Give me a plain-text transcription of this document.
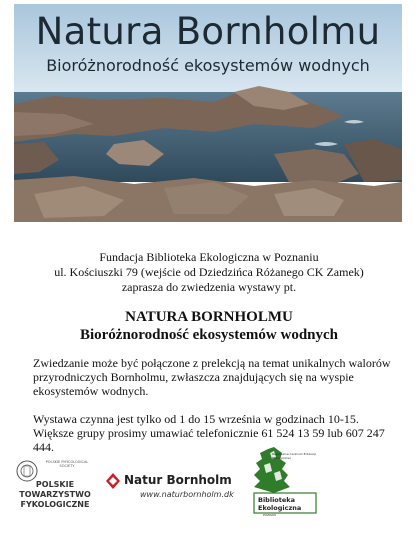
Natura Bornholmu
Bioróżnorodność ekosystemów wodnych
Fundacja Biblioteka Ekologiczna w Poznaniu
ul. Kościuszki 79 (wejście od Dziedzińca Różanego CK Zamek)
zaprasza do zwiedzenia wystawy pt.
NATURA BORNHOLMU
Bioróżnorodność ekosystemów wodnych
Zwiedzanie może być połączone z prelekcją na temat unikalnych walorów przyrodniczych Bornholmu, zwłaszcza znajdujących się na wyspie ekosystemów wodnych.
Wystawa czynna jest tylko od 1 do 15 września w godzinach 10-15. Większe grupy prosimy umawiać telefonicznie 61 524 13 59 lub 607 247 444.
POLSKIE PHYCOLOGICAL SOCIETY
POLSKIE TOWARZYSTWO FYKOLOGICZNE
Natur Bornholm
www.naturbornholm.dk
Regionalne Centrum Edukacji Ekologicznej
Biblioteka Ekologiczna
POZNAŃ
